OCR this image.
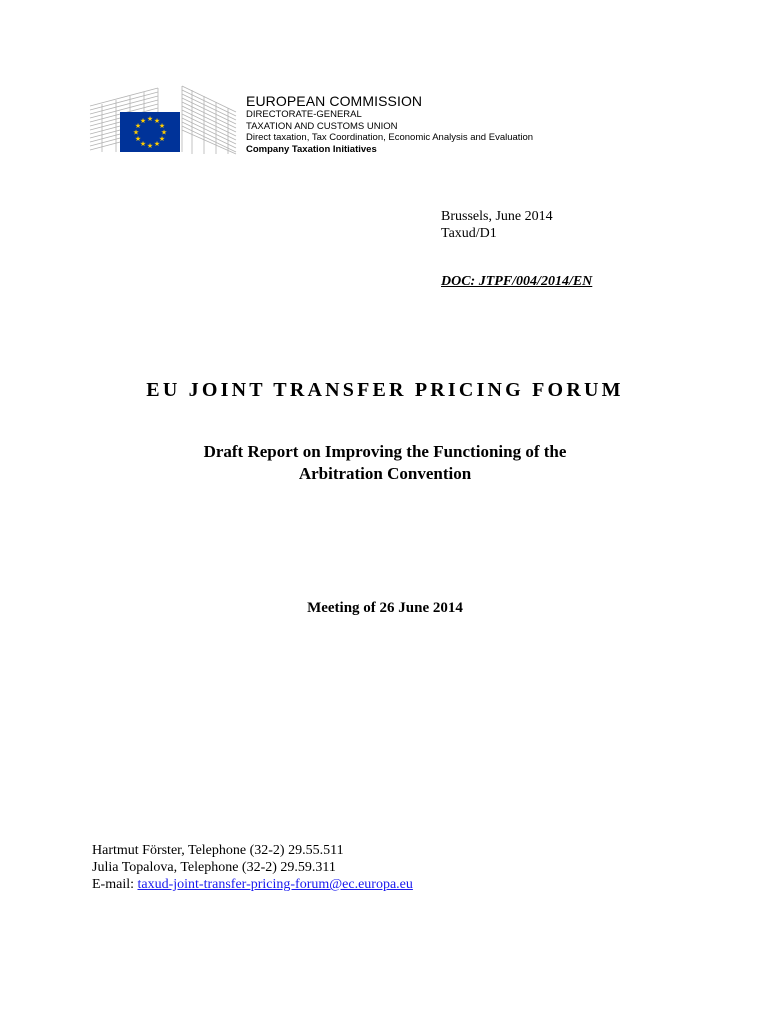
★ ★
★
★
★
★
★
★
★
★
★
★
EUROPEAN COMMISSION
DIRECTORATE-GENERAL
TAXATION AND CUSTOMS UNION
Direct taxation, Tax Coordination, Economic Analysis and Evaluation
Company Taxation Initiatives
Brussels, June 2014
Taxud/D1
DOC: JTPF/004/2014/EN
EU JOINT TRANSFER PRICING FORUM
Draft Report on Improving the Functioning of the
Arbitration Convention
Meeting of 26 June 2014
Hartmut Förster, Telephone (32-2) 29.55.511
Julia Topalova, Telephone (32-2) 29.59.311
E-mail: taxud-joint-transfer-pricing-forum@ec.europa.eu
